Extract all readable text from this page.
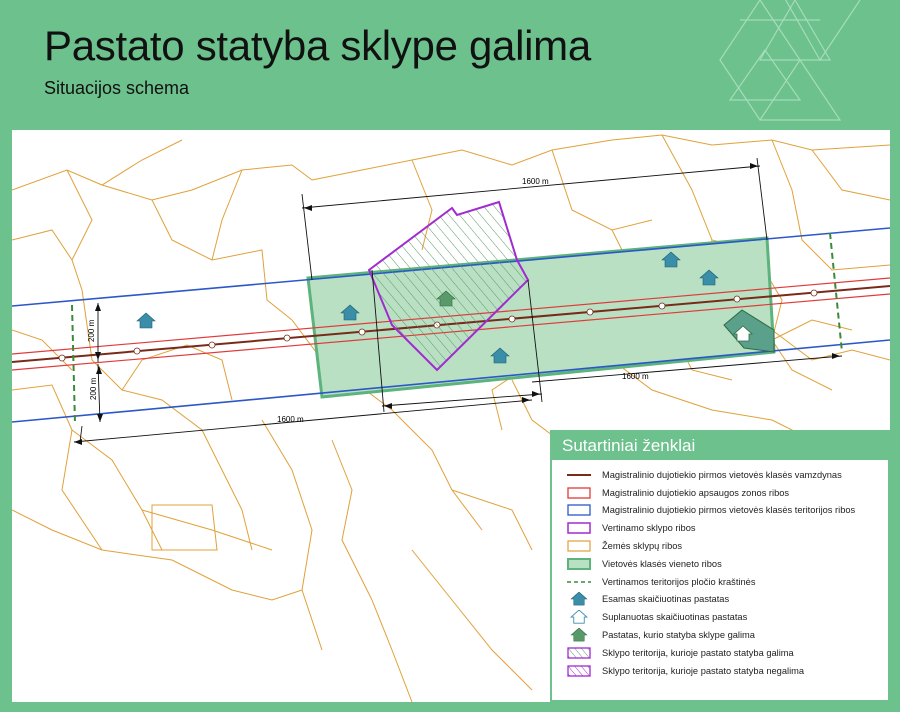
Pastato statyba sklype galima
Situacijos schema
1600 m
1600 m
1600 m
200 m
200 m
Sutartiniai ženklai
Magistralinio dujotiekio pirmos vietovės klasės vamzdynas
Magistralinio dujotiekio apsaugos zonos ribos
Magistralinio dujotiekio pirmos vietovės klasės teritorijos ribos
Vertinamo sklypo ribos
Žemės sklypų ribos
Vietovės klasės vieneto ribos
Vertinamos teritorijos pločio kraštinės
Esamas skaičiuotinas pastatas
Suplanuotas skaičiuotinas pastatas
Pastatas, kurio statyba sklype galima
Sklypo teritorija, kurioje pastato statyba galima
Sklypo teritorija, kurioje pastato statyba negalima
